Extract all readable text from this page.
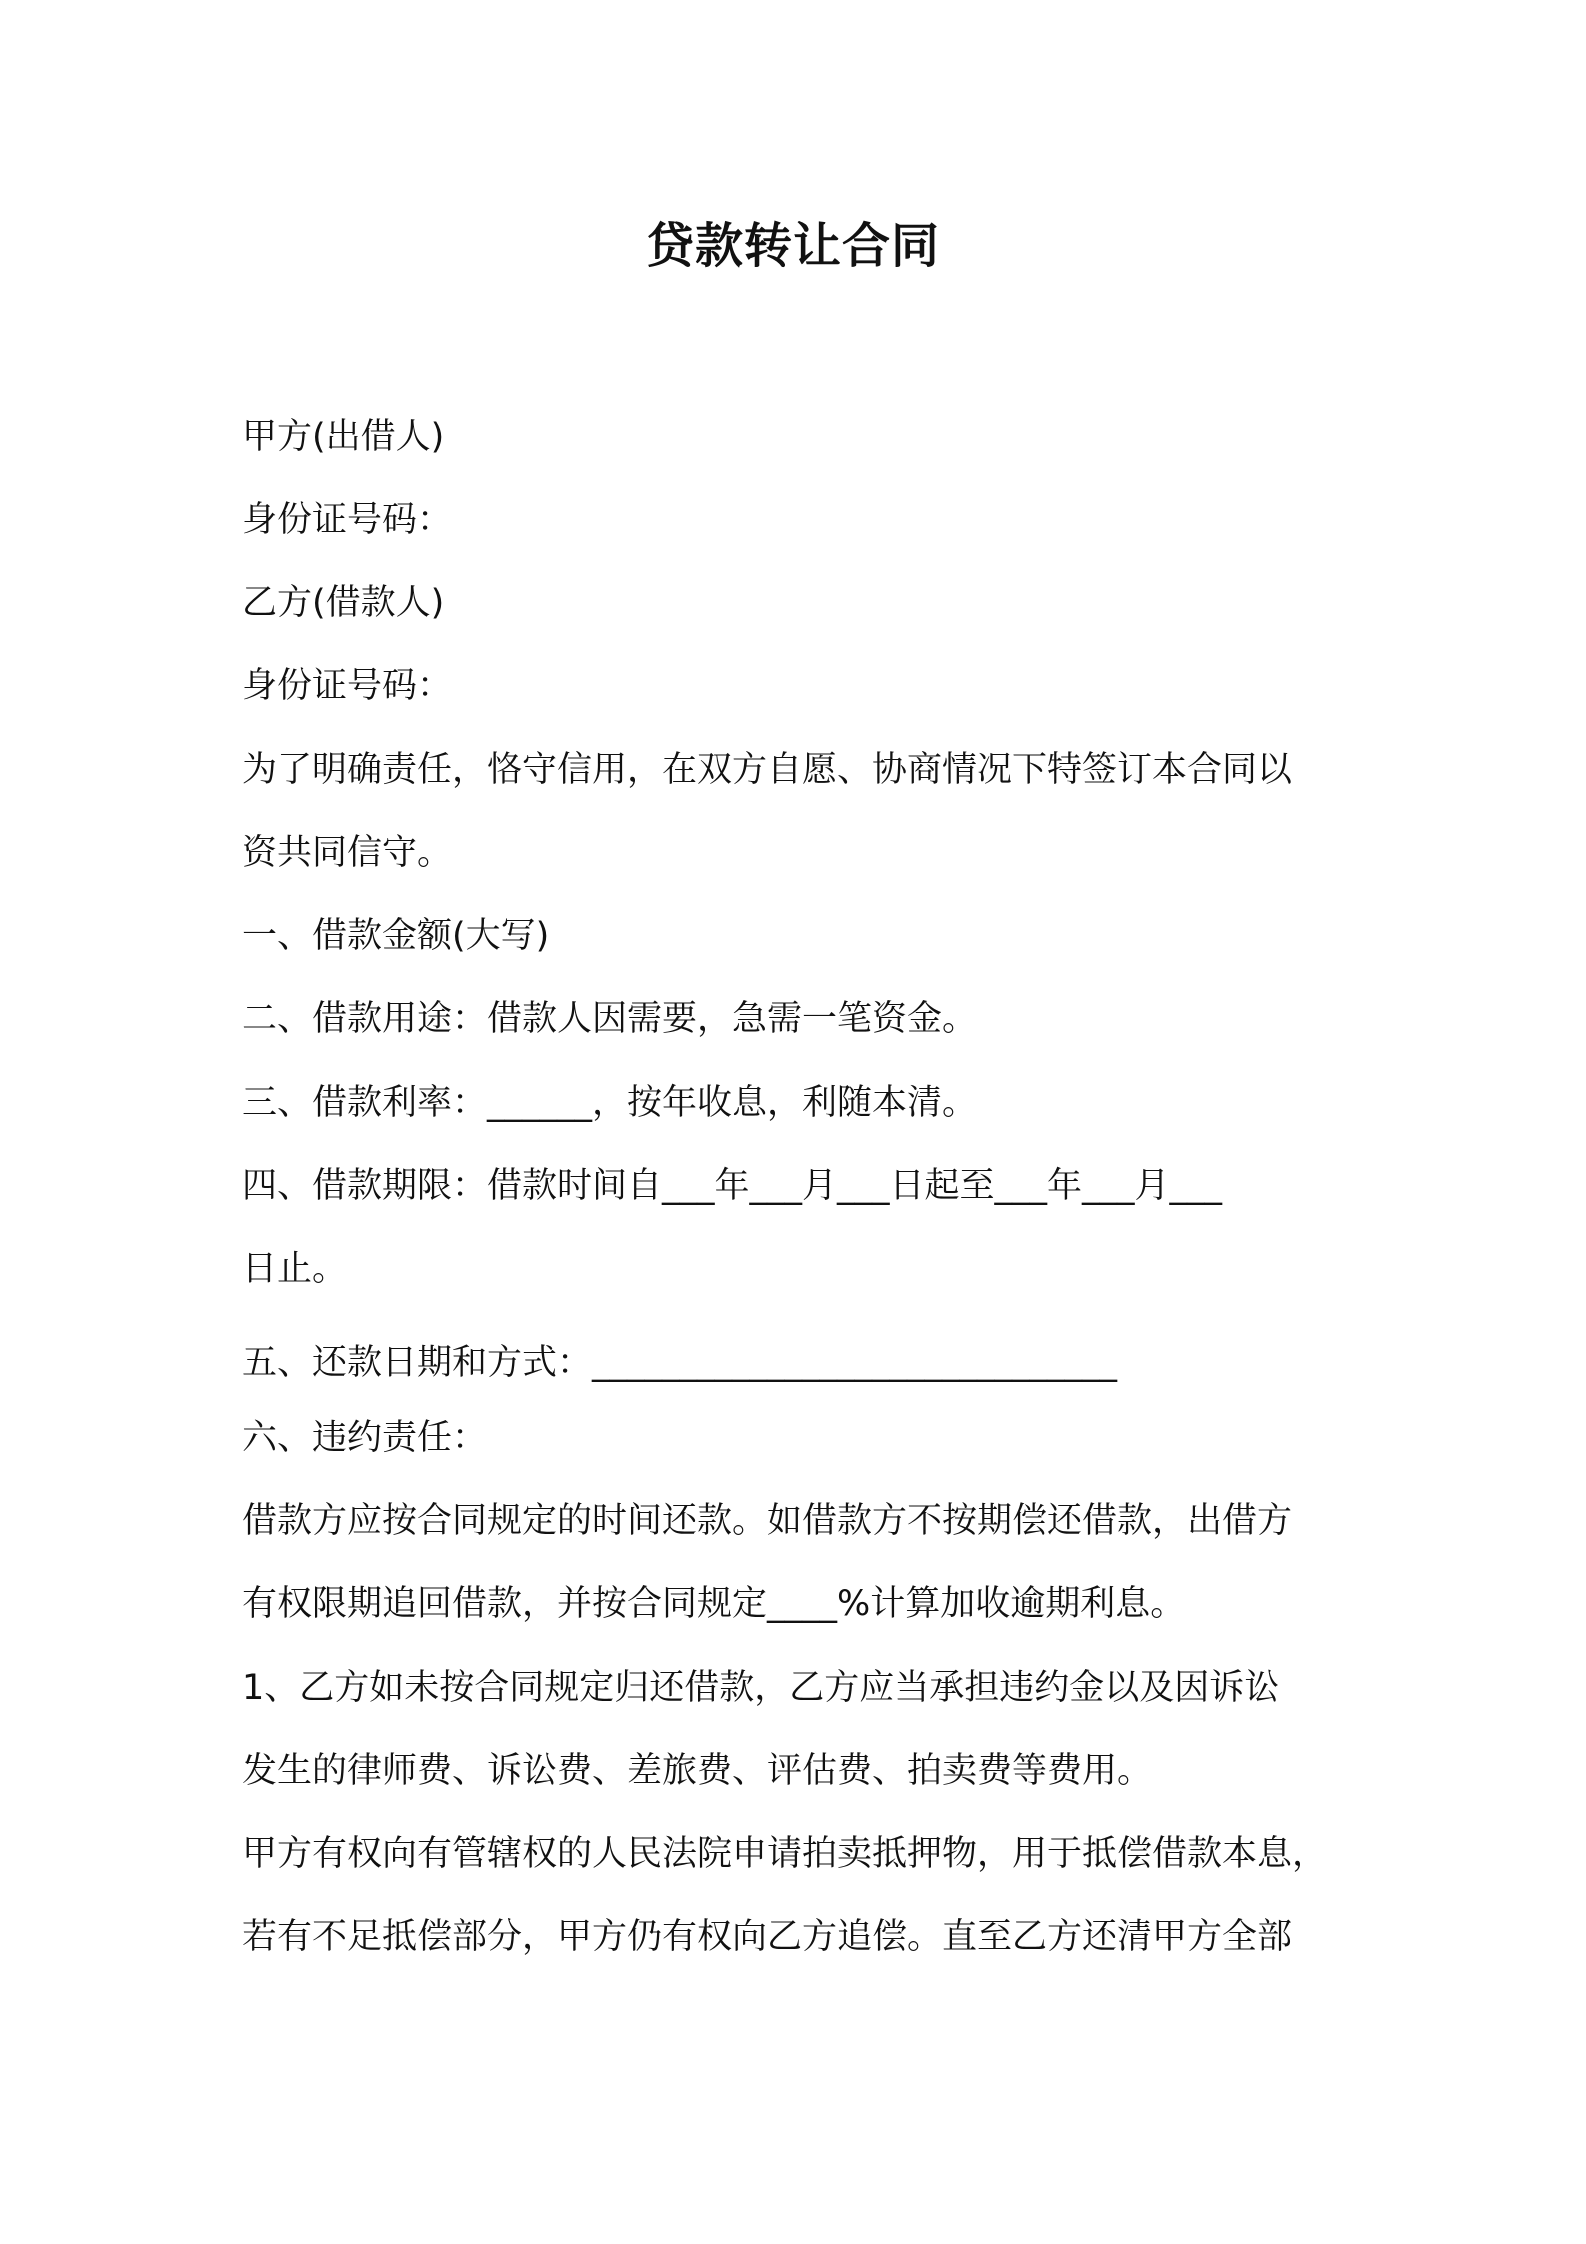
贷款转让合同
甲方(出借人)
身份证号码：
乙方(借款人)
身份证号码：
为了明确责任，恪守信用，在双方自愿、协商情况下特签订本合同以
资共同信守。
一、借款金额(大写)
二、借款用途：借款人因需要，急需一笔资金。
三、借款利率：______，按年收息，利随本清。
四、借款期限：借款时间自___年___月___日起至___年___月___
日止。
五、还款日期和方式：______________________________
六、违约责任：
借款方应按合同规定的时间还款。如借款方不按期偿还借款，出借方
有权限期追回借款，并按合同规定____%计算加收逾期利息。
1、乙方如未按合同规定归还借款，乙方应当承担违约金以及因诉讼
发生的律师费、诉讼费、差旅费、评估费、拍卖费等费用。
甲方有权向有管辖权的人民法院申请拍卖抵押物，用于抵偿借款本息，
若有不足抵偿部分，甲方仍有权向乙方追偿。直至乙方还清甲方全部
